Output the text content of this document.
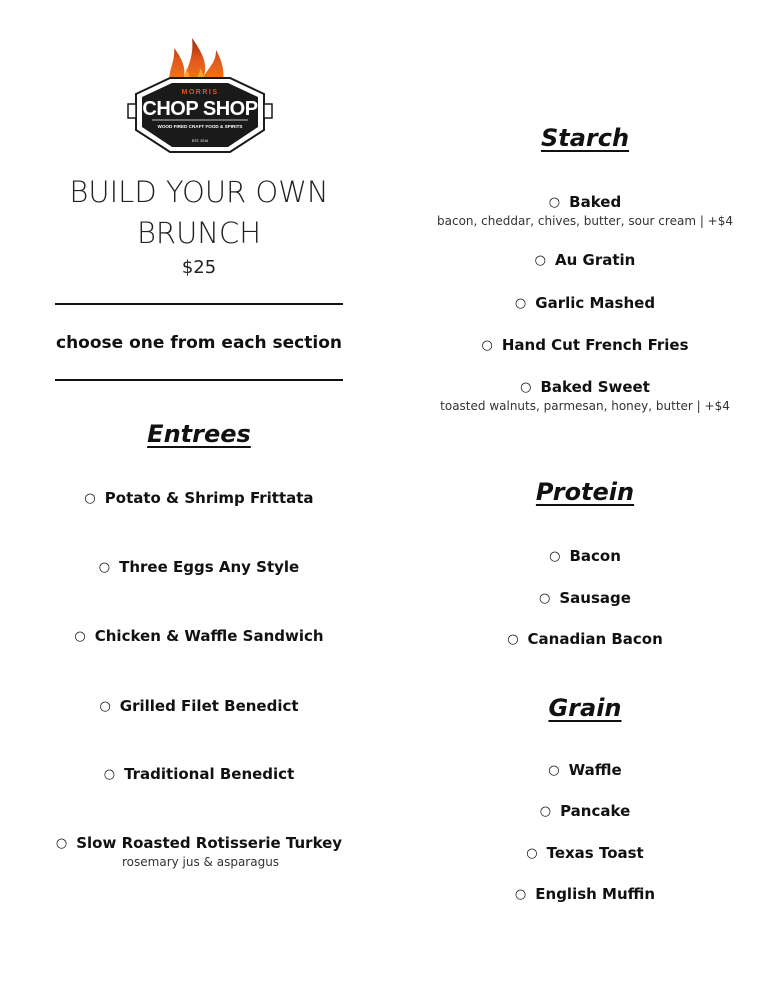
MORRIS
CHOP SHOP
WOOD FIRED CRAFT FOOD & SPIRITS
EST. 2016
BUILD YOUR OWN
BRUNCH
$25
choose one from each section
Entrees
○ Potato & Shrimp Frittata
○ Three Eggs Any Style
○ Chicken & Waffle Sandwich
○ Grilled Filet Benedict
○ Traditional Benedict
○ Slow Roasted Rotisserie Turkey
rosemary jus & asparagus
Starch
○ Baked
bacon, cheddar, chives, butter, sour cream | +$4
○ Au Gratin
○ Garlic Mashed
○ Hand Cut French Fries
○ Baked Sweet
toasted walnuts, parmesan, honey, butter | +$4
Protein
○ Bacon
○ Sausage
○ Canadian Bacon
Grain
○ Waffle
○ Pancake
○ Texas Toast
○ English Muffin
